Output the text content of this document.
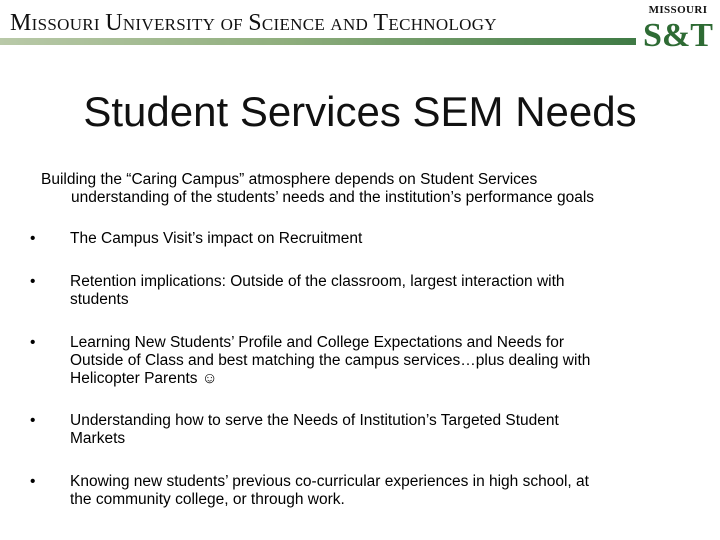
MISSOURI UNIVERSITY OF SCIENCE AND TECHNOLOGY
MISSOURI
S&T
Student Services SEM Needs
Building the “Caring Campus” atmosphere depends on Student Services
understanding of the students’ needs and the institution’s performance goals
•	The Campus Visit’s impact on Recruitment
•	Retention implications: Outside of the classroom, largest interaction with
students
•	Learning New Students’ Profile and College Expectations and Needs for
Outside of Class and best matching the campus services…plus dealing with
Helicopter Parents ☺
•	Understanding how to serve the Needs of Institution’s Targeted Student
Markets
•	Knowing new students’ previous co-curricular experiences in high school, at
the community college, or through work.
